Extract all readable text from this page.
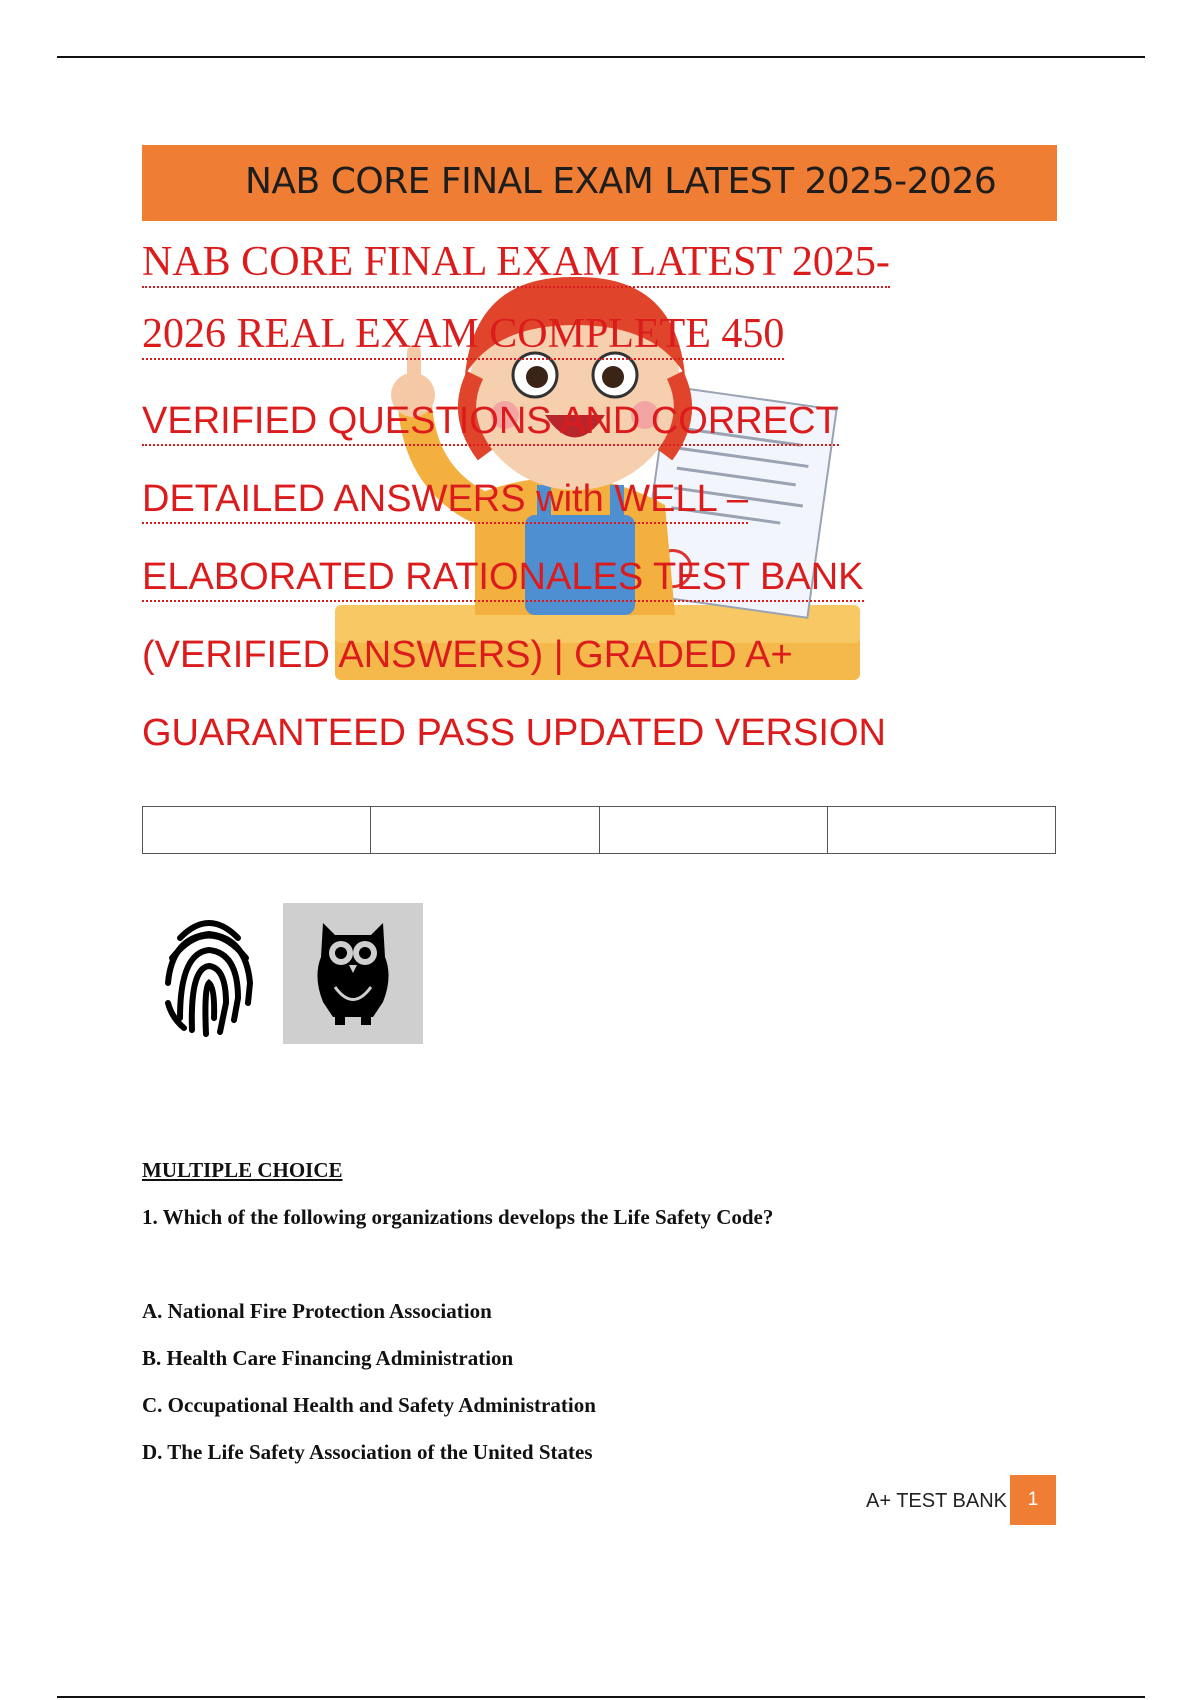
NAB CORE FINAL EXAM LATEST 2025-2026
NAB CORE FINAL EXAM LATEST 2025-
2026 REAL EXAM COMPLETE 450
VERIFIED QUESTIONS AND CORRECT
DETAILED ANSWERS with WELL –
ELABORATED RATIONALES TEST BANK
(VERIFIED ANSWERS) | GRADED A+
GUARANTEED PASS UPDATED VERSION
MULTIPLE CHOICE
1. Which of the following organizations develops the Life Safety Code?
A. National Fire Protection Association
B. Health Care Financing Administration
C. Occupational Health and Safety Administration
D. The Life Safety Association of the United States
A+ TEST BANK	1
